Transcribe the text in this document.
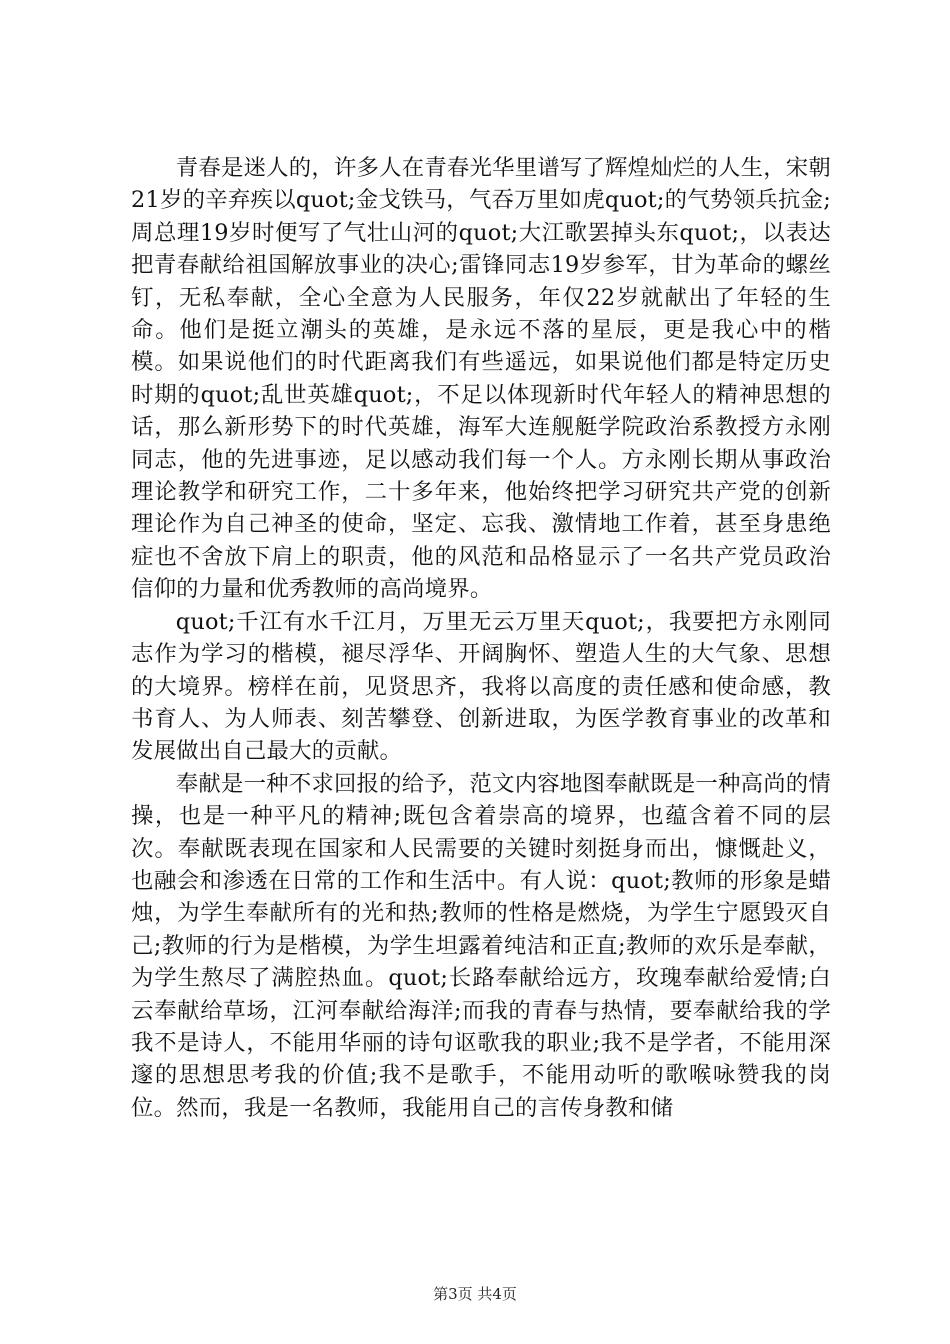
青春是迷人的，许多人在青春光华里谱写了辉煌灿烂的人生，宋朝21岁的辛弃疾以quot;金戈铁马，气吞万里如虎quot;的气势领兵抗金;周总理19岁时便写了气壮山河的quot;大江歌罢掉头东quot;，以表达把青春献给祖国解放事业的决心;雷锋同志19岁参军，甘为革命的螺丝钉，无私奉献，全心全意为人民服务，年仅22岁就献出了年轻的生命。他们是挺立潮头的英雄，是永远不落的星辰，更是我心中的楷模。如果说他们的时代距离我们有些遥远，如果说他们都是特定历史时期的quot;乱世英雄quot;，不足以体现新时代年轻人的精神思想的话，那么新形势下的时代英雄，海军大连舰艇学院政治系教授方永刚同志，他的先进事迹，足以感动我们每一个人。方永刚长期从事政治理论教学和研究工作，二十多年来，他始终把学习研究共产党的创新理论作为自己神圣的使命，坚定、忘我、激情地工作着，甚至身患绝症也不舍放下肩上的职责，他的风范和品格显示了一名共产党员政治信仰的力量和优秀教师的高尚境界。

quot;千江有水千江月，万里无云万里天quot;，我要把方永刚同志作为学习的楷模，褪尽浮华、开阔胸怀、塑造人生的大气象、思想的大境界。榜样在前，见贤思齐，我将以高度的责任感和使命感，教书育人、为人师表、刻苦攀登、创新进取，为医学教育事业的改革和发展做出自己最大的贡献。

奉献是一种不求回报的给予，范文内容地图奉献既是一种高尚的情操，也是一种平凡的精神;既包含着崇高的境界，也蕴含着不同的层次。奉献既表现在国家和人民需要的关键时刻挺身而出，慷慨赴义，也融会和渗透在日常的工作和生活中。有人说：quot;教师的形象是蜡烛，为学生奉献所有的光和热;教师的性格是燃烧，为学生宁愿毁灭自己;教师的行为是楷模，为学生坦露着纯洁和正直;教师的欢乐是奉献，为学生熬尽了满腔热血。quot;长路奉献给远方，玫瑰奉献给爱情;白云奉献给草场，江河奉献给海洋;而我的青春与热情，要奉献给我的学我不是诗人，不能用华丽的诗句讴歌我的职业;我不是学者，不能用深邃的思想思考我的价值;我不是歌手，不能用动听的歌喉咏赞我的岗位。然而，我是一名教师，我能用自己的言传身教和储

第3页 共4页
